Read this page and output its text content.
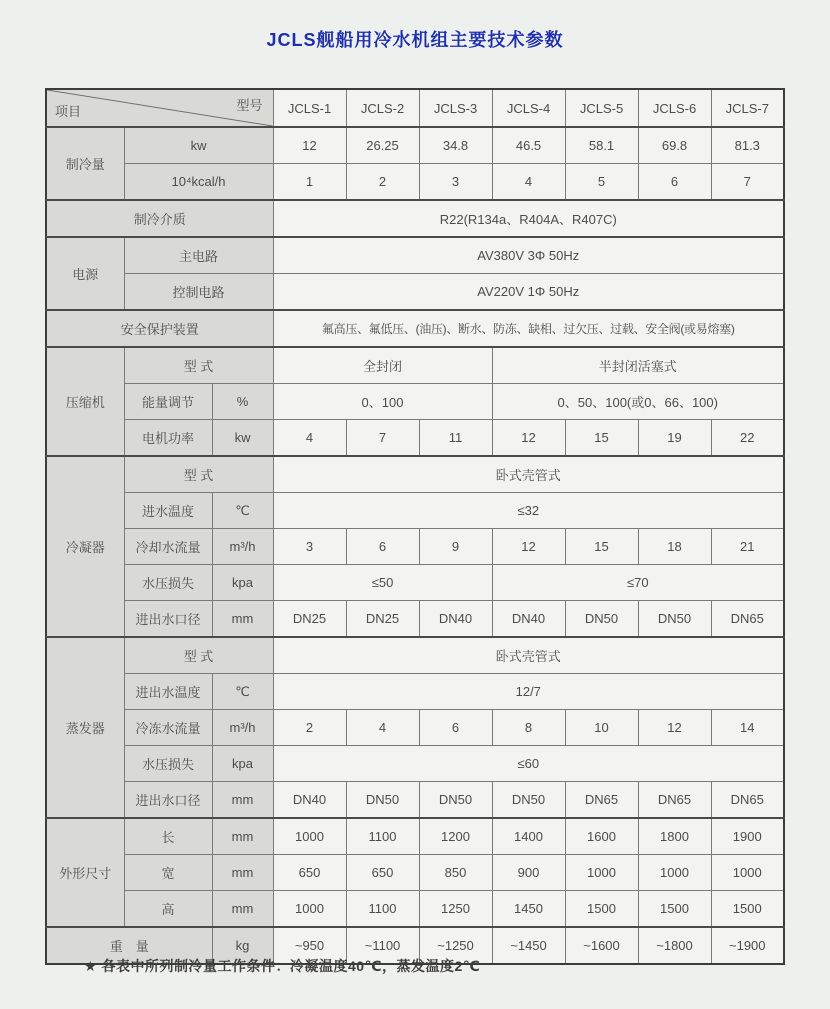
JCLS舰船用冷水机组主要技术参数
项目 型号			JCLS-1	JCLS-2	JCLS-3	JCLS-4	JCLS-5	JCLS-6	JCLS-7
制冷量	kw		12	26.25	34.8	46.5	58.1	69.8	81.3
	10⁴kcal/h		1	2	3	4	5	6	7
制冷介质			R22(R134a、R404A、R407C)						
电源	主电路		AV380V 3Φ 50Hz						
	控制电路		AV220V 1Φ 50Hz						
安全保护装置			氟高压、氟低压、(油压)、断水、防冻、缺相、过欠压、过载、安全阀(或易熔塞)						
压缩机	型 式		全封闭			半封闭活塞式			
	能量调节	%	0、100			0、50、100(或0、66、100)			
	电机功率	kw	4	7	11	12	15	19	22
冷凝器	型 式		卧式壳管式						
	进水温度	℃	≤32						
	冷却水流量	m³/h	3	6	9	12	15	18	21
	水压损失	kpa	≤50			≤70			
	进出水口径	mm	DN25	DN25	DN40	DN40	DN50	DN50	DN65
蒸发器	型 式		卧式壳管式						
	进出水温度	℃	12/7						
	冷冻水流量	m³/h	2	4	6	8	10	12	14
	水压损失	kpa	≤60						
	进出水口径	mm	DN40	DN50	DN50	DN50	DN65	DN65	DN65
外形尺寸	长	mm	1000	1100	1200	1400	1600	1800	1900
	宽	mm	650	650	850	900	1000	1000	1000
	高	mm	1000	1100	1250	1450	1500	1500	1500
重　量		kg	~950	~1100	~1250	~1450	~1600	~1800	~1900

★ 各表中所列制冷量工作条件：冷凝温度40℃，蒸发温度2℃
